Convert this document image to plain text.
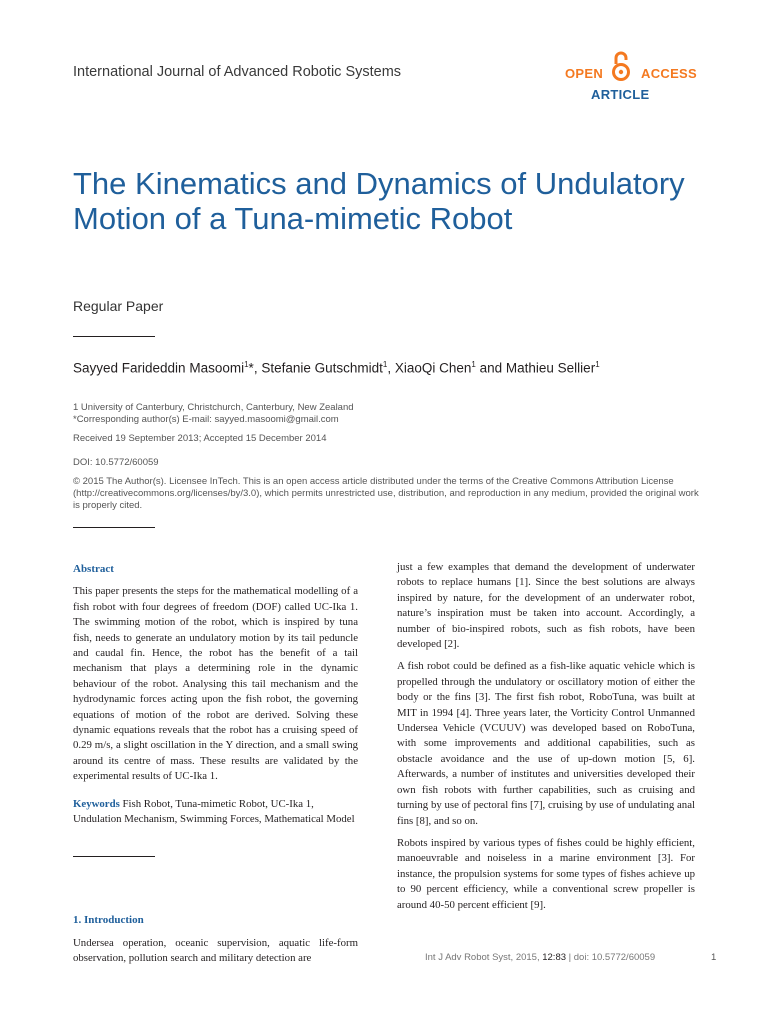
International Journal of Advanced Robotic Systems	OPEN	ACCESS
ARTICLE
The Kinematics and Dynamics of Undulatory Motion of a Tuna-mimetic Robot
Regular Paper
Sayyed Farideddin Masoomi$^1$*, Stefanie Gutschmidt$^1$, XiaoQi Chen$^1$ and Mathieu Sellier$^1$
1 University of Canterbury, Christchurch, Canterbury, New Zealand
*Corresponding author(s) E-mail: sayyed.masoomi@gmail.com
Received 19 September 2013; Accepted 15 December 2014
DOI: 10.5772/60059
© 2015 The Author(s). Licensee InTech. This is an open access article distributed under the terms of the Creative Commons Attribution License (http://creativecommons.org/licenses/by/3.0), which permits unrestricted use, distribution, and reproduction in any medium, provided the original work is properly cited.
Abstract

This paper presents the steps for the mathematical modelling of a fish robot with four degrees of freedom (DOF) called UC-Ika 1. The swimming motion of the robot, which is inspired by tuna fish, needs to generate an undulatory motion by its tail peduncle and caudal fin. Hence, the robot has the benefit of a tail mechanism that plays a determining role in the dynamic behaviour of the robot. Analysing this tail mechanism and the hydrodynamic forces acting upon the fish robot, the governing equations of motion of the robot are derived. Solving these dynamic equations reveals that the robot has a cruising speed of 0.29 m/s, a slight oscillation in the Y direction, and a small swing around its centre of mass. These results are validated by the experimental results of UC-Ika 1.

Keywords Fish Robot, Tuna-mimetic Robot, UC-Ika 1, Undulation Mechanism, Swimming Forces, Mathematical Model

1. Introduction

Undersea operation, oceanic supervision, aquatic life-form observation, pollution search and military detection are

just a few examples that demand the development of underwater robots to replace humans [1]. Since the best solutions are always inspired by nature, for the development of an underwater robot, nature’s inspiration must be taken into account. Accordingly, a number of bio-inspired robots, such as fish robots, have been developed [2].

A fish robot could be defined as a fish-like aquatic vehicle which is propelled through the undulatory or oscillatory motion of either the body or the fins [3]. The first fish robot, RoboTuna, was built at MIT in 1994 [4]. Three years later, the Vorticity Control Unmanned Undersea Vehicle (VCUUV) was developed based on RoboTuna, with some improvements and additional capabilities, such as obstacle avoidance and the use of up-down motion [5, 6]. Afterwards, a number of institutes and universities developed their own fish robots with further capabilities, such as cruising and turning by use of pectoral fins [7], cruising by use of undulating anal fins [8], and so on.

Robots inspired by various types of fishes could be highly efficient, manoeuvrable and noiseless in a marine environment [3]. For instance, the propulsion systems for some types of fishes achieve up to 90 percent efficiency, while a conventional screw propeller is around 40-50 percent efficient [9].

Int J Adv Robot Syst, 2015, 12:83 | doi: 10.5772/60059	1
